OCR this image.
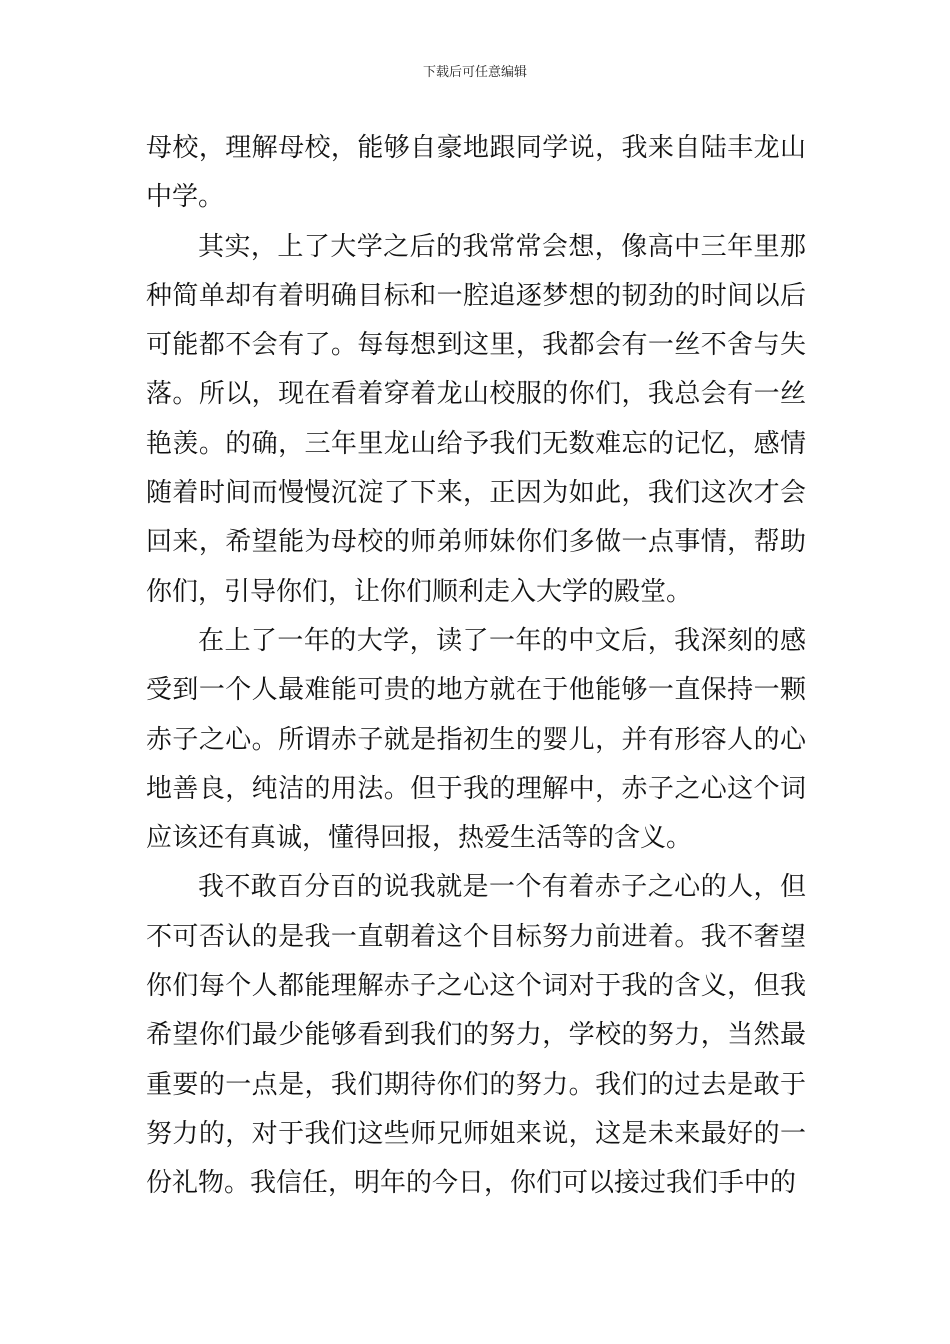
下载后可任意编辑

母校，理解母校，能够自豪地跟同学说，我来自陆丰龙山中学。

其实，上了大学之后的我常常会想，像高中三年里那种简单却有着明确目标和一腔追逐梦想的韧劲的时间以后可能都不会有了。每每想到这里，我都会有一丝不舍与失落。所以，现在看着穿着龙山校服的你们，我总会有一丝艳羡。的确，三年里龙山给予我们无数难忘的记忆，感情随着时间而慢慢沉淀了下来，正因为如此，我们这次才会回来，希望能为母校的师弟师妹你们多做一点事情，帮助你们，引导你们，让你们顺利走入大学的殿堂。

在上了一年的大学，读了一年的中文后，我深刻的感受到一个人最难能可贵的地方就在于他能够一直保持一颗赤子之心。所谓赤子就是指初生的婴儿，并有形容人的心地善良，纯洁的用法。但于我的理解中，赤子之心这个词应该还有真诚，懂得回报，热爱生活等的含义。

我不敢百分百的说我就是一个有着赤子之心的人，但不可否认的是我一直朝着这个目标努力前进着。我不奢望你们每个人都能理解赤子之心这个词对于我的含义，但我希望你们最少能够看到我们的努力，学校的努力，当然最重要的一点是，我们期待你们的努力。我们的过去是敢于努力的，对于我们这些师兄师姐来说，这是未来最好的一份礼物。我信任，明年的今日，你们可以接过我们手中的
